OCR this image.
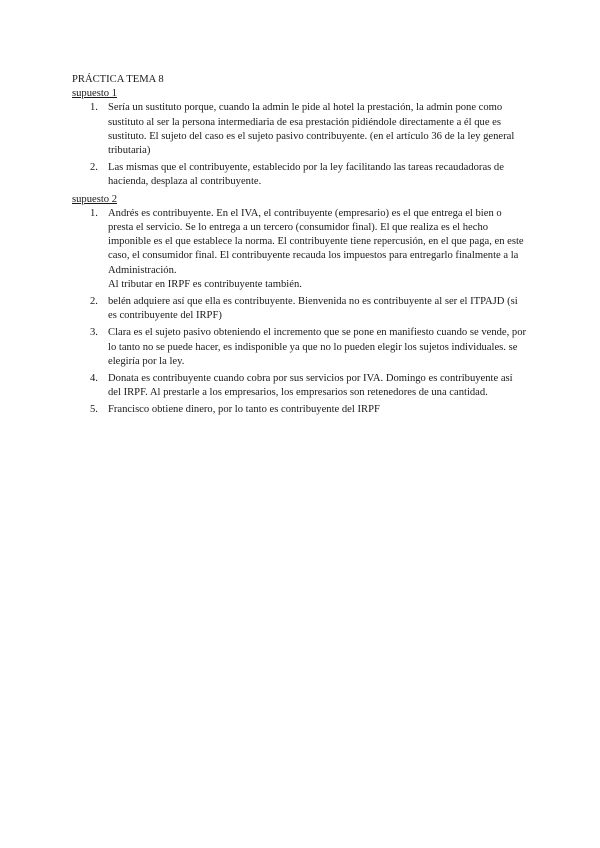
PRÁCTICA TEMA 8

supuesto 1

1. Sería un sustituto porque, cuando la admin le pide al hotel la prestación, la admin pone como sustituto al ser la persona intermediaria de esa prestación pidiéndole directamente a él que es sustituto. El sujeto del caso es el sujeto pasivo contribuyente. (en el artículo 36 de la ley general tributaria)
2. Las mismas que el contribuyente, establecido por la ley facilitando las tareas recaudadoras de hacienda, desplaza al contribuyente.

supuesto 2

1. Andrés es contribuyente. En el IVA, el contribuyente (empresario) es el que entrega el bien o presta el servicio. Se lo entrega a un tercero (consumidor final). El que realiza es el hecho imponible es el que establece la norma. El contribuyente tiene repercusión, en el que paga, en este caso, el consumidor final. El contribuyente recauda los impuestos para entregarlo finalmente a la Administración.
Al tributar en IRPF es contribuyente también.
2. belén adquiere así que ella es contribuyente. Bienvenida no es contribuyente al ser el ITPAJD (si es contribuyente del IRPF)
3. Clara es el sujeto pasivo obteniendo el incremento que se pone en manifiesto cuando se vende, por lo tanto no se puede hacer, es indisponible ya que no lo pueden elegir los sujetos individuales. se elegiría por la ley.
4. Donata es contribuyente cuando cobra por sus servicios por IVA. Domingo es contribuyente así del IRPF. Al prestarle a los empresarios, los empresarios son retenedores de una cantidad.
5. Francisco obtiene dinero, por lo tanto es contribuyente del IRPF
